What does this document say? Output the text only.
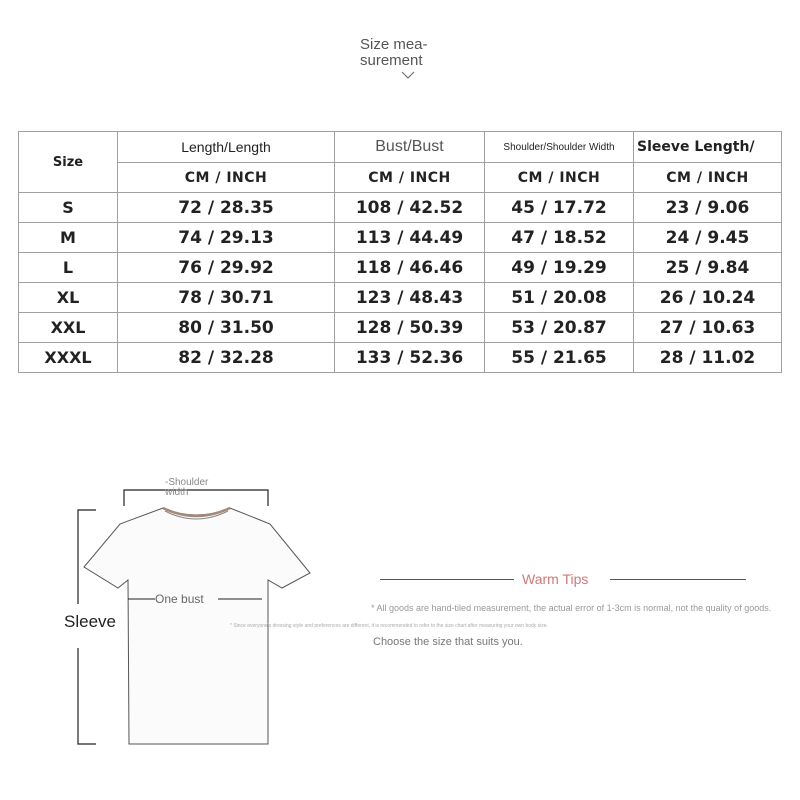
Size mea-
surement
Size	Length/Length	Bust/Bust	Shoulder/Shoulder Width	Sleeve Length/
	CM / INCH	CM / INCH	CM / INCH	CM / INCH
S	72 / 28.35	108 / 42.52	45 / 17.72	23 / 9.06
M	74 / 29.13	113 / 44.49	47 / 18.52	24 / 9.45
L	76 / 29.92	118 / 46.46	49 / 19.29	25 / 9.84
XL	78 / 30.71	123 / 48.43	51 / 20.08	26 / 10.24
XXL	80 / 31.50	128 / 50.39	53 / 20.87	27 / 10.63
XXXL	82 / 32.28	133 / 52.36	55 / 21.65	28 / 11.02
-Shoulder
width
One bust
Sleeve
Warm Tips
* All goods are hand-tiled measurement, the actual error of 1-3cm is normal, not the quality of goods.
* Since everyone's dressing style and preferences are different, it is recommended to refer to the size chart after measuring your own body size.
Choose the size that suits you.
